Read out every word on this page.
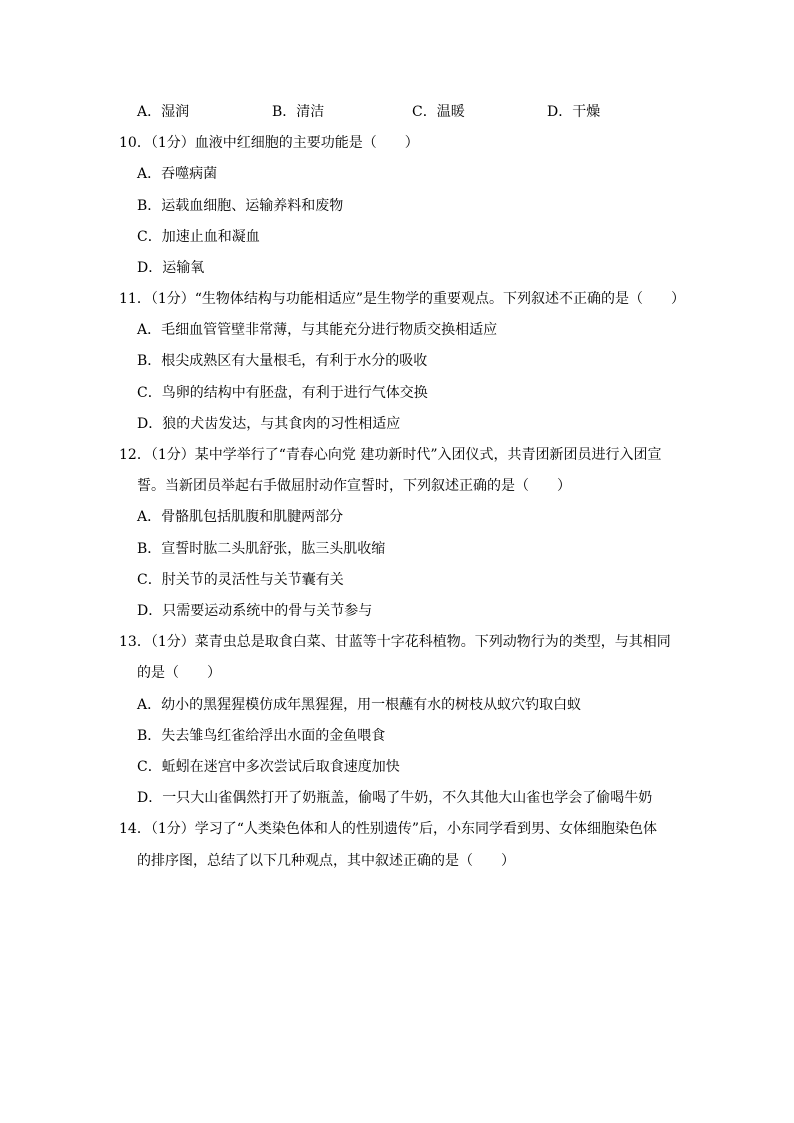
A．湿润	B．清洁	C．温暖	D．干燥
10．（1分）血液中红细胞的主要功能是（　　）
A．吞噬病菌
B．运载血细胞、运输养料和废物
C．加速止血和凝血
D．运输氧
11．（1分）“生物体结构与功能相适应”是生物学的重要观点。下列叙述不正确的是（　　）
A．毛细血管管壁非常薄，与其能充分进行物质交换相适应
B．根尖成熟区有大量根毛，有利于水分的吸收
C．鸟卵的结构中有胚盘，有利于进行气体交换
D．狼的犬齿发达，与其食肉的习性相适应
12．（1分）某中学举行了“青春心向党 建功新时代”入团仪式，共青团新团员进行入团宣
誓。当新团员举起右手做屈肘动作宣誓时，下列叙述正确的是（　　）
A．骨骼肌包括肌腹和肌腱两部分
B．宣誓时肱二头肌舒张，肱三头肌收缩
C．肘关节的灵活性与关节囊有关
D．只需要运动系统中的骨与关节参与
13．（1分）菜青虫总是取食白菜、甘蓝等十字花科植物。下列动物行为的类型，与其相同
的是（　　）
A．幼小的黑猩猩模仿成年黑猩猩，用一根蘸有水的树枝从蚁穴钓取白蚁
B．失去雏鸟红雀给浮出水面的金鱼喂食
C．蚯蚓在迷宫中多次尝试后取食速度加快
D．一只大山雀偶然打开了奶瓶盖，偷喝了牛奶，不久其他大山雀也学会了偷喝牛奶
14．（1分）学习了“人类染色体和人的性别遗传”后，小东同学看到男、女体细胞染色体
的排序图，总结了以下几种观点，其中叙述正确的是（　　）
